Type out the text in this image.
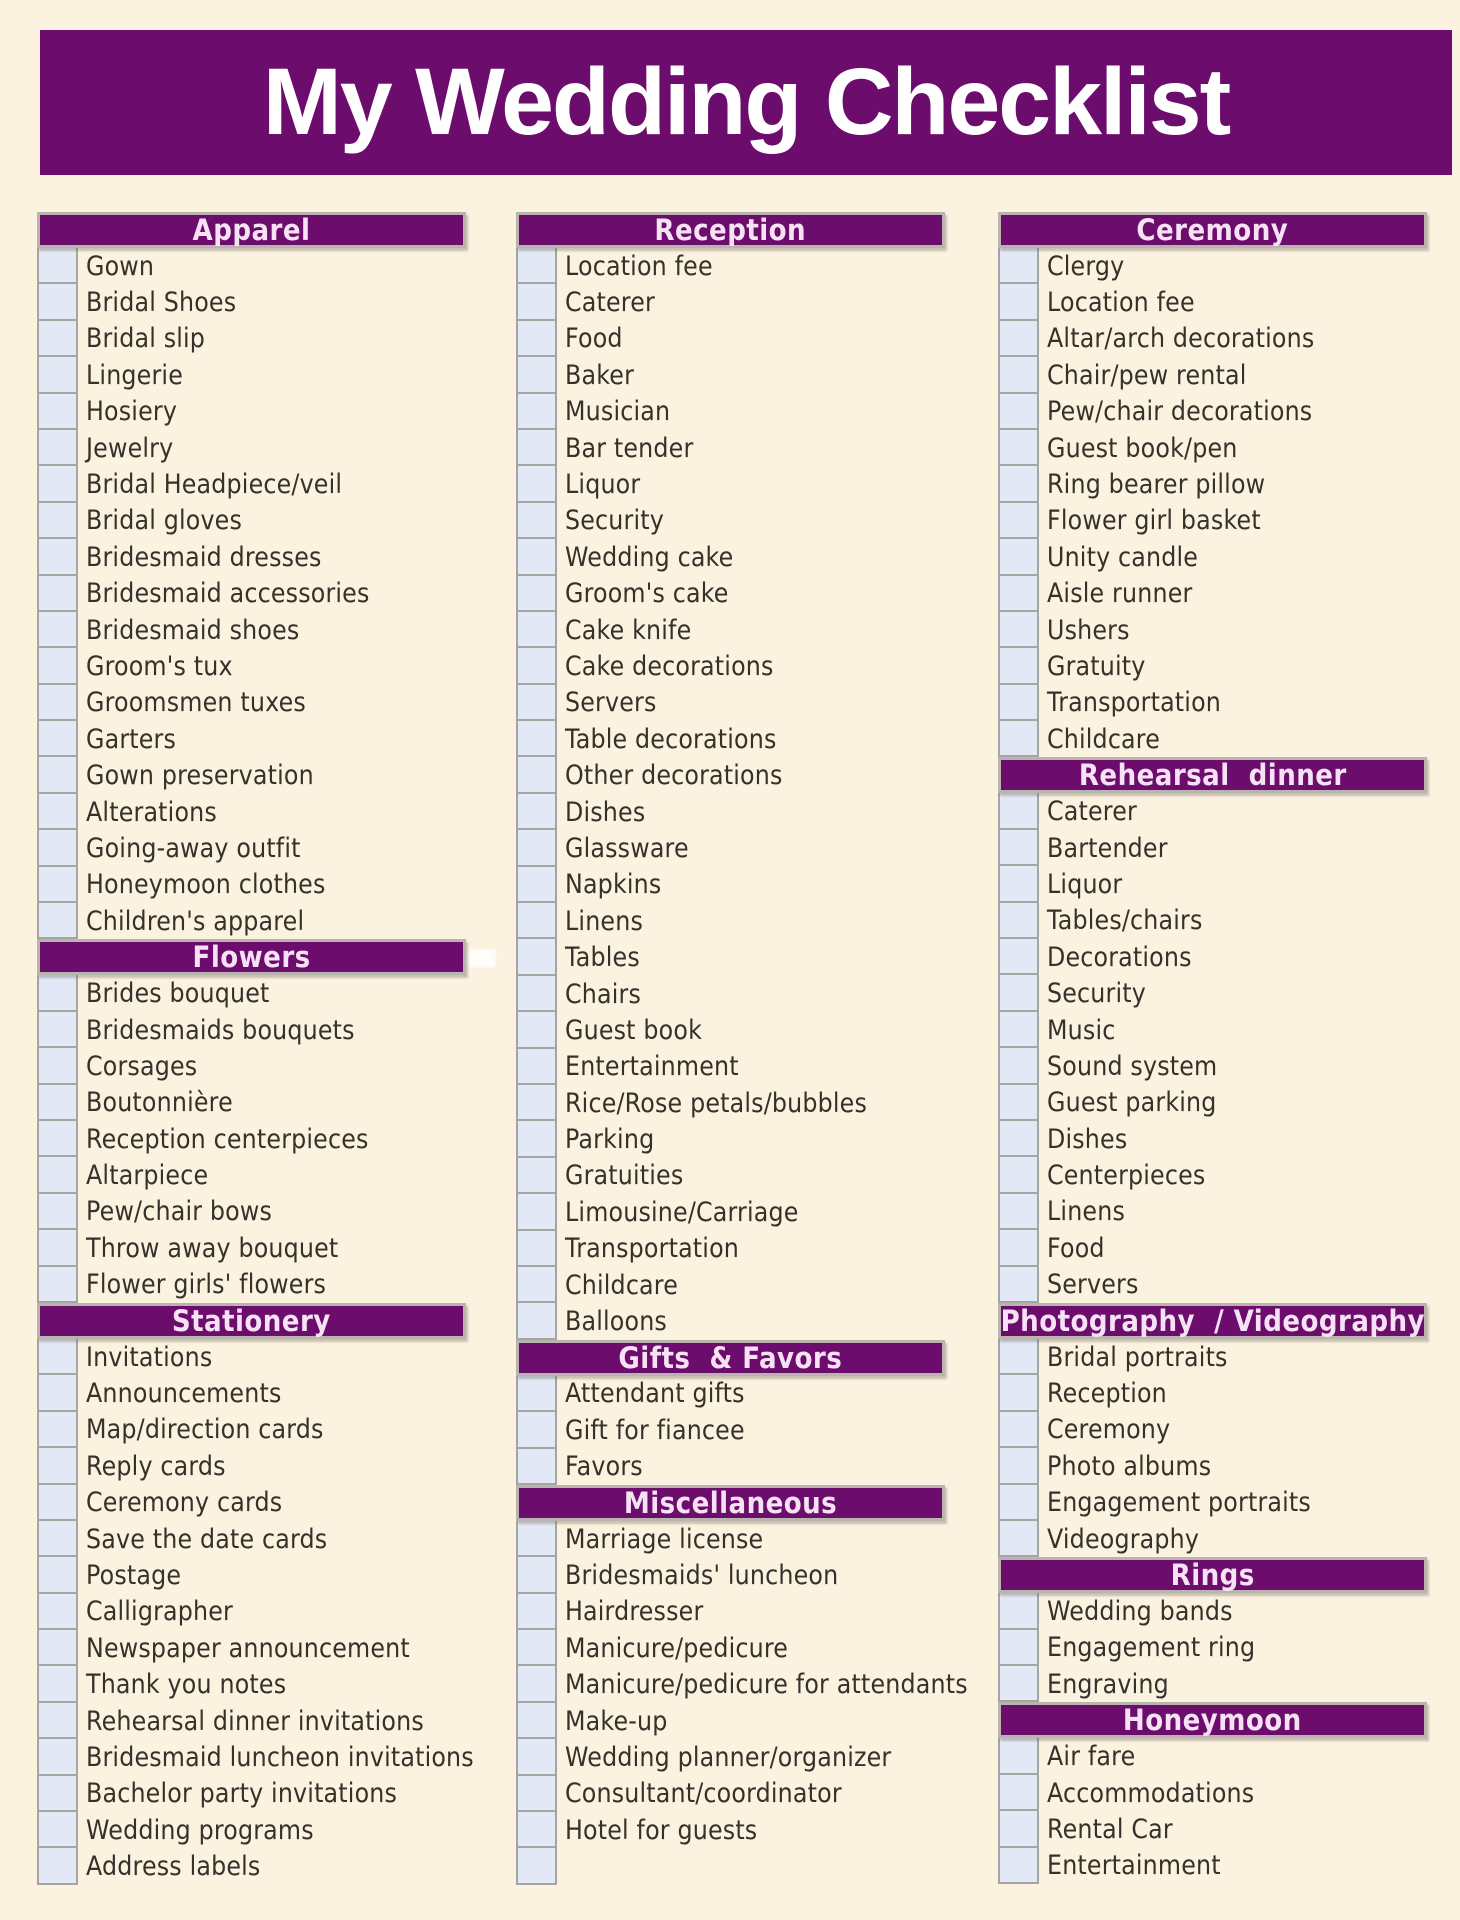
My Wedding Checklist
Apparel
Gown
Bridal Shoes
Bridal slip
Lingerie
Hosiery
Jewelry
Bridal Headpiece/veil
Bridal gloves
Bridesmaid dresses
Bridesmaid accessories
Bridesmaid shoes
Groom's tux
Groomsmen tuxes
Garters
Gown preservation
Alterations
Going-away outfit
Honeymoon clothes
Children's apparel
Flowers
Brides bouquet
Bridesmaids bouquets
Corsages
Boutonnière
Reception centerpieces
Altarpiece
Pew/chair bows
Throw away bouquet
Flower girls' flowers
Stationery
Invitations
Announcements
Map/direction cards
Reply cards
Ceremony cards
Save the date cards
Postage
Calligrapher
Newspaper announcement
Thank you notes
Rehearsal dinner invitations
Bridesmaid luncheon invitations
Bachelor party invitations
Wedding programs
Address labels
Reception
Location fee
Caterer
Food
Baker
Musician
Bar tender
Liquor
Security
Wedding cake
Groom's cake
Cake knife
Cake decorations
Servers
Table decorations
Other decorations
Dishes
Glassware
Napkins
Linens
Tables
Chairs
Guest book
Entertainment
Rice/Rose petals/bubbles
Parking
Gratuities
Limousine/Carriage
Transportation
Childcare
Balloons
Gifts  & Favors
Attendant gifts
Gift for fiancee
Favors
Miscellaneous
Marriage license
Bridesmaids' luncheon
Hairdresser
Manicure/pedicure
Manicure/pedicure for attendants
Make-up
Wedding planner/organizer
Consultant/coordinator
Hotel for guests
Ceremony
Clergy
Location fee
Altar/arch decorations
Chair/pew rental
Pew/chair decorations
Guest book/pen
Ring bearer pillow
Flower girl basket
Unity candle
Aisle runner
Ushers
Gratuity
Transportation
Childcare
Rehearsal  dinner
Caterer
Bartender
Liquor
Tables/chairs
Decorations
Security
Music
Sound system
Guest parking
Dishes
Centerpieces
Linens
Food
Servers
Photography  / Videography
Bridal portraits
Reception
Ceremony
Photo albums
Engagement portraits
Videography
Rings
Wedding bands
Engagement ring
Engraving
Honeymoon
Air fare
Accommodations
Rental Car
Entertainment
